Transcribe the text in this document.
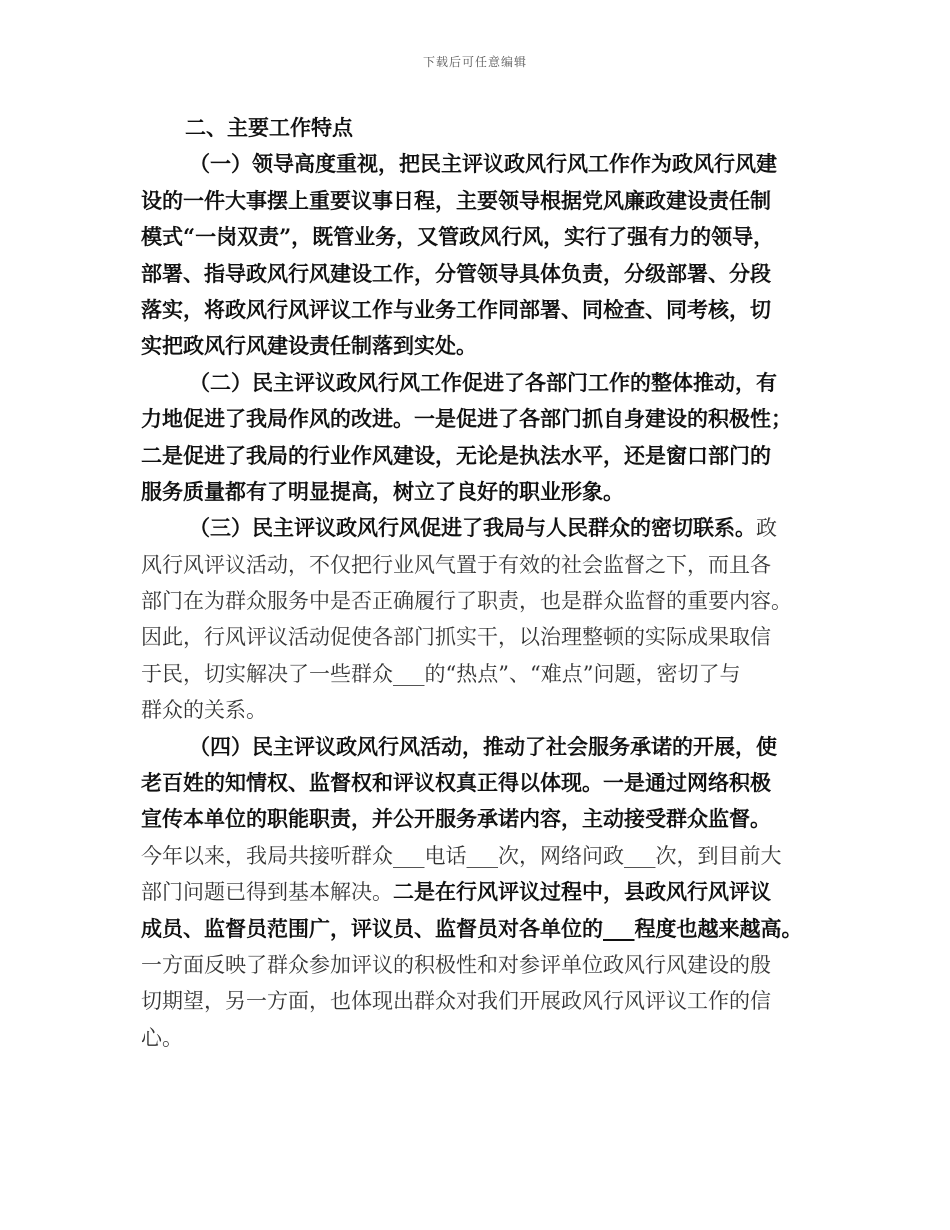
下载后可任意编辑
二、主要工作特点
（一）领导高度重视，把民主评议政风行风工作作为政风行风建
设的一件大事摆上重要议事日程，主要领导根据党风廉政建设责任制
模式“一岗双责”，既管业务，又管政风行风，实行了强有力的领导，
部署、指导政风行风建设工作，分管领导具体负责，分级部署、分段
落实，将政风行风评议工作与业务工作同部署、同检查、同考核，切
实把政风行风建设责任制落到实处。
（二）民主评议政风行风工作促进了各部门工作的整体推动，有
力地促进了我局作风的改进。一是促进了各部门抓自身建设的积极性；
二是促进了我局的行业作风建设，无论是执法水平，还是窗口部门的
服务质量都有了明显提高，树立了良好的职业形象。
（三）民主评议政风行风促进了我局与人民群众的密切联系。政
风行风评议活动，不仅把行业风气置于有效的社会监督之下，而且各
部门在为群众服务中是否正确履行了职责，也是群众监督的重要内容。
因此，行风评议活动促使各部门抓实干，以治理整顿的实际成果取信
于民，切实解决了一些群众___的“热点”、“难点”问题，密切了与
群众的关系。
（四）民主评议政风行风活动，推动了社会服务承诺的开展，使
老百姓的知情权、监督权和评议权真正得以体现。一是通过网络积极
宣传本单位的职能职责，并公开服务承诺内容，主动接受群众监督。
今年以来，我局共接听群众___电话___次，网络问政___次，到目前大
部门问题已得到基本解决。二是在行风评议过程中，县政风行风评议
成员、监督员范围广，评议员、监督员对各单位的___程度也越来越高。
一方面反映了群众参加评议的积极性和对参评单位政风行风建设的殷
切期望，另一方面，也体现出群众对我们开展政风行风评议工作的信
心。
